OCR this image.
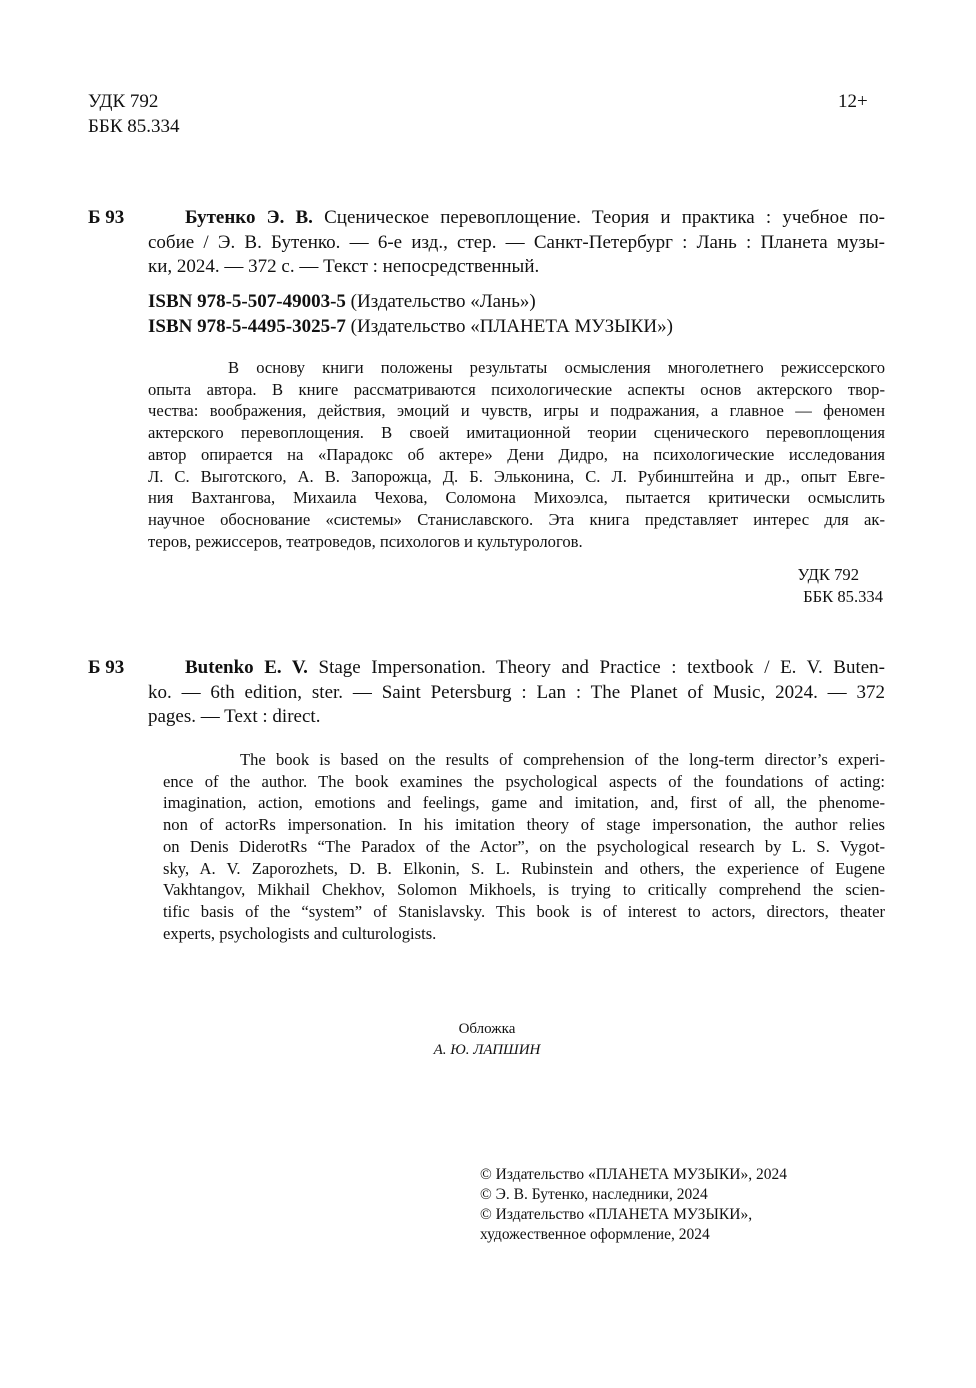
УДК 792
ББК 85.334
12+
Б 93	Бутенко Э. В. Сценическое перевоплощение. Теория и практика : учебное по-
собие / Э. В. Бутенко. — 6-е изд., стер. — Санкт-Петербург : Лань : Планета музы-
ки, 2024. — 372 с. — Текст : непосредственный.
ISBN 978-5-507-49003-5 (Издательство «Лань»)
ISBN 978-5-4495-3025-7 (Издательство «ПЛАНЕТА МУЗЫКИ»)
В основу книги положены результаты осмысления многолетнего режиссерского
опыта автора. В книге рассматриваются психологические аспекты основ актерского твор-
чества: воображения, действия, эмоций и чувств, игры и подражания, а главное — феномен
актерского перевоплощения. В своей имитационной теории сценического перевоплощения
автор опирается на «Парадокс об актере» Дени Дидро, на психологические исследования
Л. С. Выготского, А. В. Запорожца, Д. Б. Эльконина, С. Л. Рубинштейна и др., опыт Евге-
ния Вахтангова, Михаила Чехова, Соломона Михоэлса, пытается критически осмыслить
научное обоснование «системы» Станиславского. Эта книга представляет интерес для ак-
теров, режиссеров, театроведов, психологов и культурологов.
УДК 792
ББК 85.334
Б 93	Butenko E. V. Stage Impersonation. Theory and Practice : textbook / E. V. Buten-
ko. — 6th edition, ster. — Saint Petersburg : Lan : The Planet of Music, 2024. — 372
pages. — Text : direct.
The book is based on the results of comprehension of the long-term director’s experi-
ence of the author. The book examines the psychological aspects of the foundations of acting:
imagination, action, emotions and feelings, game and imitation, and, first of all, the phenome-
non of actorRs impersonation. In his imitation theory of stage impersonation, the author relies
on Denis DiderotRs “The Paradox of the Actor”, on the psychological research by L. S. Vygot-
sky, A. V. Zaporozhets, D. B. Elkonin, S. L. Rubinstein and others, the experience of Eugene
Vakhtangov, Mikhail Chekhov, Solomon Mikhoels, is trying to critically comprehend the scien-
tific basis of the “system” of Stanislavsky. This book is of interest to actors, directors, theater
experts, psychologists and culturologists.
Обложка
А. Ю. ЛАПШИН
© Издательство «ПЛАНЕТА МУЗЫКИ», 2024
© Э. В. Бутенко, наследники, 2024
© Издательство «ПЛАНЕТА МУЗЫКИ»,
художественное оформление, 2024
